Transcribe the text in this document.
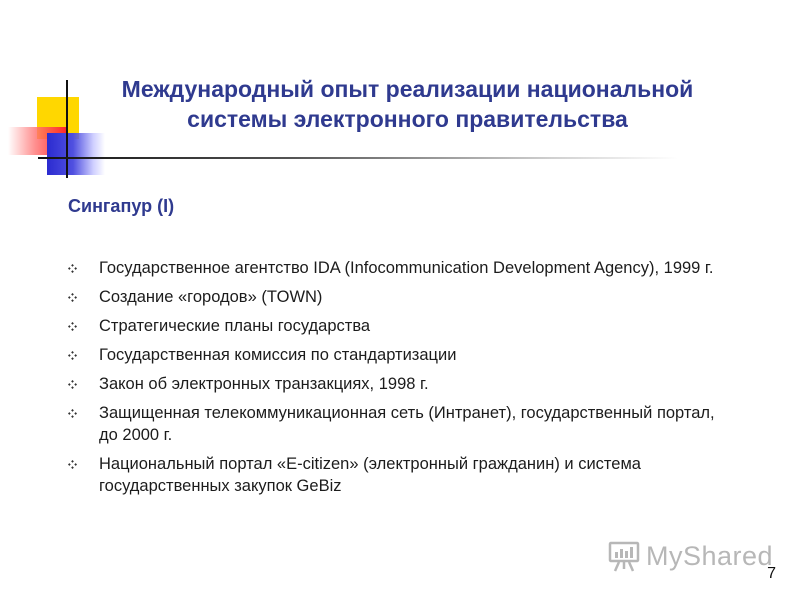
Международный опыт реализации национальной
системы электронного правительства
Сингапур (I)
Государственное агентство IDA (Infocommunication Development Agency), 1999 г.
Создание «городов» (TOWN)
Стратегические планы государства
Государственная комиссия по стандартизации
Закон об электронных транзакциях, 1998 г.
Защищенная телекоммуникационная сеть (Интранет), государственный портал, до 2000 г.
Национальный портал «E-citizen» (электронный гражданин) и система государственных закупок GeBiz
MyShared
7
